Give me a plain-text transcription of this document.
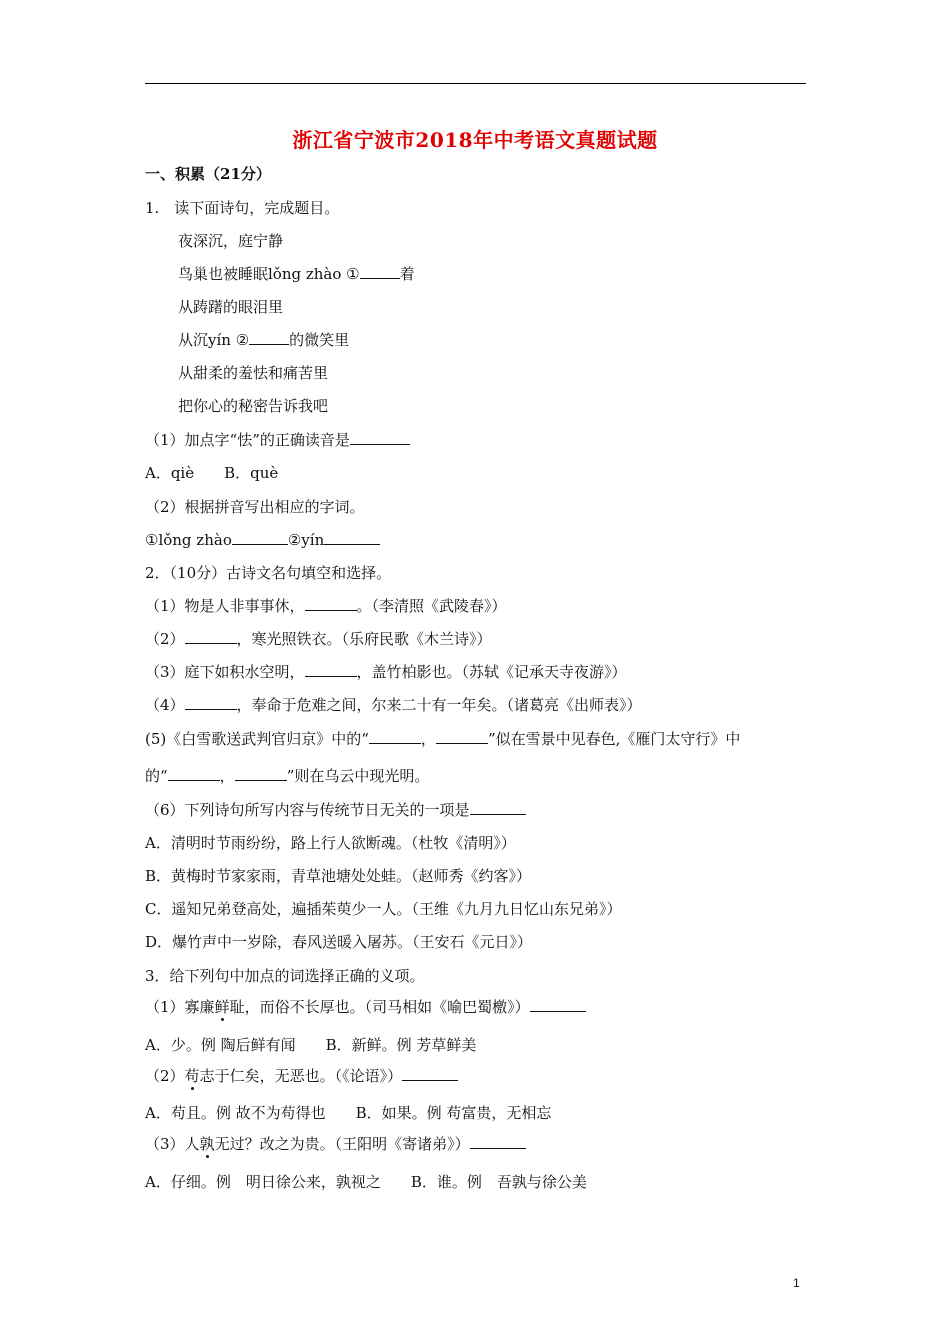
浙江省宁波市2018年中考语文真题试题
一、积累（21分）
1.　读下面诗句，完成题目。
夜深沉，庭宁静
鸟巢也被睡眠lǒng zhào ①	着
从踌躇的眼泪里
从沉yín ②	的微笑里
从甜柔的羞怯和痛苦里
把你心的秘密告诉我吧
（1）加点字“怯”的正确读音是
A．qiè　　B．què
（2）根据拼音写出相应的字词。
①lǒng zhào	②yín
2．（10分）古诗文名句填空和选择。
（1）物是人非事事休，	。（李清照《武陵春》）
（2）	，寒光照铁衣。（乐府民歌《木兰诗》）
（3）庭下如积水空明，	，盖竹柏影也。（苏轼《记承天寺夜游》）
（4）	，奉命于危难之间，尔来二十有一年矣。（诸葛亮《出师表》）
(5)《白雪歌送武判官归京》中的“	，	”似在雪景中见春色,《雁门太守行》中
的“	，	”则在乌云中现光明。
（6）下列诗句所写内容与传统节日无关的一项是
A．清明时节雨纷纷，路上行人欲断魂。（杜牧《清明》）
B．黄梅时节家家雨，青草池塘处处蛙。（赵师秀《约客》）
C．遥知兄弟登高处，遍插茱萸少一人。（王维《九月九日忆山东兄弟》）
D．爆竹声中一岁除，春风送暖入屠苏。（王安石《元日》）
3．给下列句中加点的词选择正确的义项。
（1）寡廉鲜耻，而俗不长厚也。（司马相如《喻巴蜀檄》）
A．少。例 陶后鲜有闻　　B．新鲜。例 芳草鲜美
（2）苟志于仁矣，无恶也。（《论语》）
A．苟且。例 故不为苟得也　　B．如果。例 苟富贵，无相忘
（3）人孰无过？改之为贵。（王阳明《寄诸弟》）
A．仔细。例　明日徐公来，孰视之　　B．谁。例　吾孰与徐公美
1
